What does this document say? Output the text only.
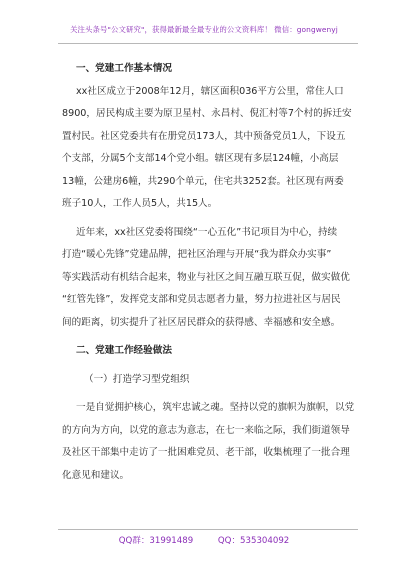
关注头条号"公文研究"，获得最新最全最专业的公文资料库！ 微信：gongwenyj

一、党建工作基本情况

xx社区成立于2008年12月，辖区面积036平方公里，常住人口
8900，居民构成主要为原卫星村、永昌村、倪汇村等7个村的拆迁安
置村民。社区党委共有在册党员173人，其中预备党员1人，下设五
个支部，分属5个支部14个党小组。辖区现有多层124幢，小高层
13幢，公建房6幢，共290个单元，住宅共3252套。社区现有两委
班子10人，工作人员5人，共15人。

近年来，xx社区党委将围绕“一心五化”书记项目为中心，持续
打造“暖心先锋”党建品牌，把社区治理与开展“我为群众办实事”
等实践活动有机结合起来，物业与社区之间互融互联互促，做实做优
“红管先锋”，发挥党支部和党员志愿者力量，努力拉进社区与居民
间的距离，切实提升了社区居民群众的获得感、幸福感和安全感。

二、党建工作经验做法

（一）打造学习型党组织

一是自觉拥护核心，筑牢忠诚之魂。坚持以党的旗帜为旗帜，以党
的方向为方向，以党的意志为意志，在七一来临之际，我们街道领导
及社区干部集中走访了一批困难党员、老干部，收集梳理了一批合理
化意见和建议。

QQ群：31991489	QQ：535304092
